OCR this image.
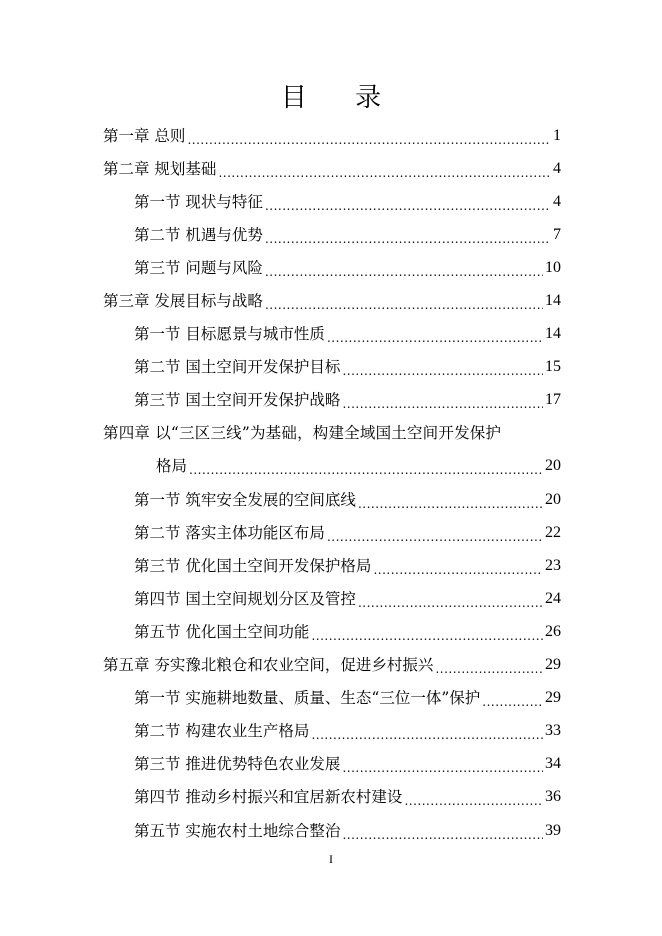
目 录
第一章 总则 .....	1
第二章 规划基础 .....	4
第一节 现状与特征 .....	4
第二节 机遇与优势 .....	7
第三节 问题与风险 .....	10
第三章 发展目标与战略 .....	14
第一节 目标愿景与城市性质 .....	14
第二节 国土空间开发保护目标 .....	15
第三节 国土空间开发保护战略 .....	17
第四章 以“三区三线”为基础，构建全域国土空间开发保护
格局 .....	20
第一节 筑牢安全发展的空间底线 .....	20
第二节 落实主体功能区布局 .....	22
第三节 优化国土空间开发保护格局 .....	23
第四节 国土空间规划分区及管控 .....	24
第五节 优化国土空间功能 .....	26
第五章 夯实豫北粮仓和农业空间，促进乡村振兴 .....	29
第一节 实施耕地数量、质量、生态“三位一体”保护 .....	29
第二节 构建农业生产格局 .....	33
第三节 推进优势特色农业发展 .....	34
第四节 推动乡村振兴和宜居新农村建设 .....	36
第五节 实施农村土地综合整治 .....	39
I
